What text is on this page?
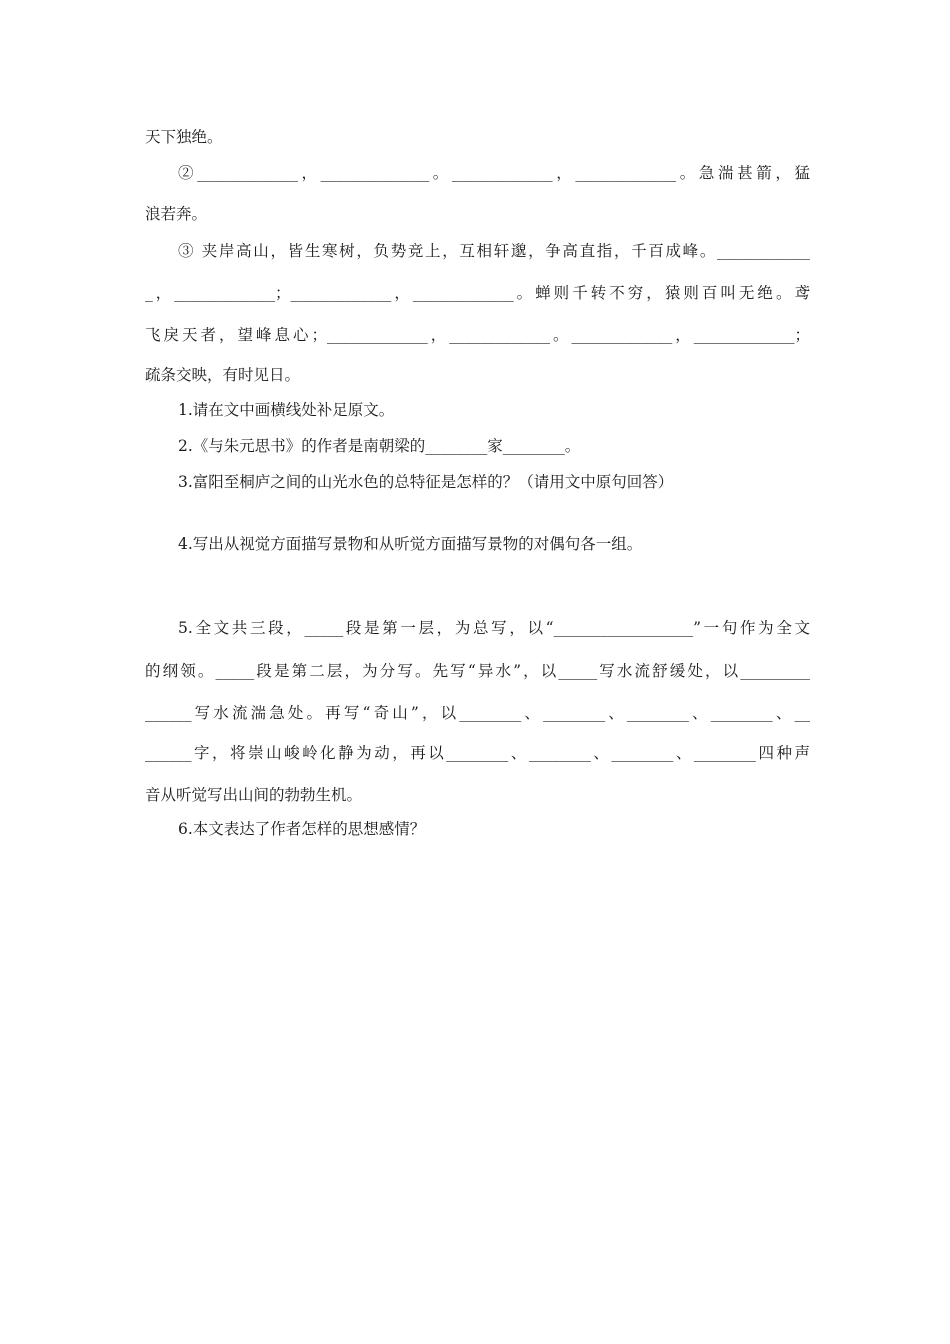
天下独绝。
②_____________，______________。_____________，_____________。急湍甚箭，猛
浪若奔。
③ 夹岸高山，皆生寒树，负势竞上，互相轩邈，争高直指，千百成峰。____________
_，_____________；_____________，_____________。蝉则千转不穷，猿则百叫无绝。鸢
飞戾天者，望峰息心；_____________，_____________。_____________，_____________；
疏条交映，有时见日。
1.请在文中画横线处补足原文。
2.《与朱元思书》的作者是南朝梁的________家________。
3.富阳至桐庐之间的山光水色的总特征是怎样的？（请用文中原句回答）
4.写出从视觉方面描写景物和从听觉方面描写景物的对偶句各一组。
5.全文共三段，_____段是第一层，为总写，以“__________________”一句作为全文
的纲领。_____段是第二层，为分写。先写“异水”，以_____写水流舒缓处，以_________
______写水流湍急处。再写“奇山”，以________、________、________、________、__
______字，将崇山峻岭化静为动，再以________、________、________、________四种声
音从听觉写出山间的勃勃生机。
6.本文表达了作者怎样的思想感情？
